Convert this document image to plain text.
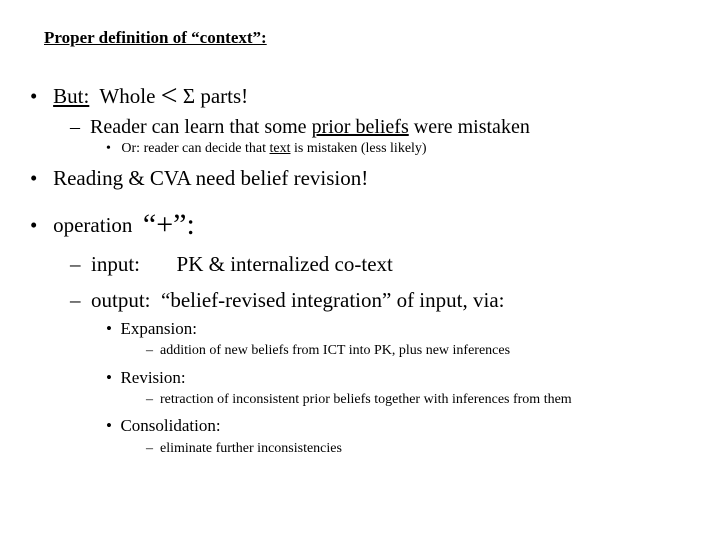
Proper definition of “context”:
• But: Whole < Σ parts!
– Reader can learn that some prior beliefs were mistaken
• Or: reader can decide that text is mistaken (less likely)
• Reading & CVA need belief revision!
• operation “+”:
– input: PK & internalized co-text
– output: “belief-revised integration” of input, via:
• Expansion:
– addition of new beliefs from ICT into PK, plus new inferences
• Revision:
– retraction of inconsistent prior beliefs together with inferences from them
• Consolidation:
– eliminate further inconsistencies
